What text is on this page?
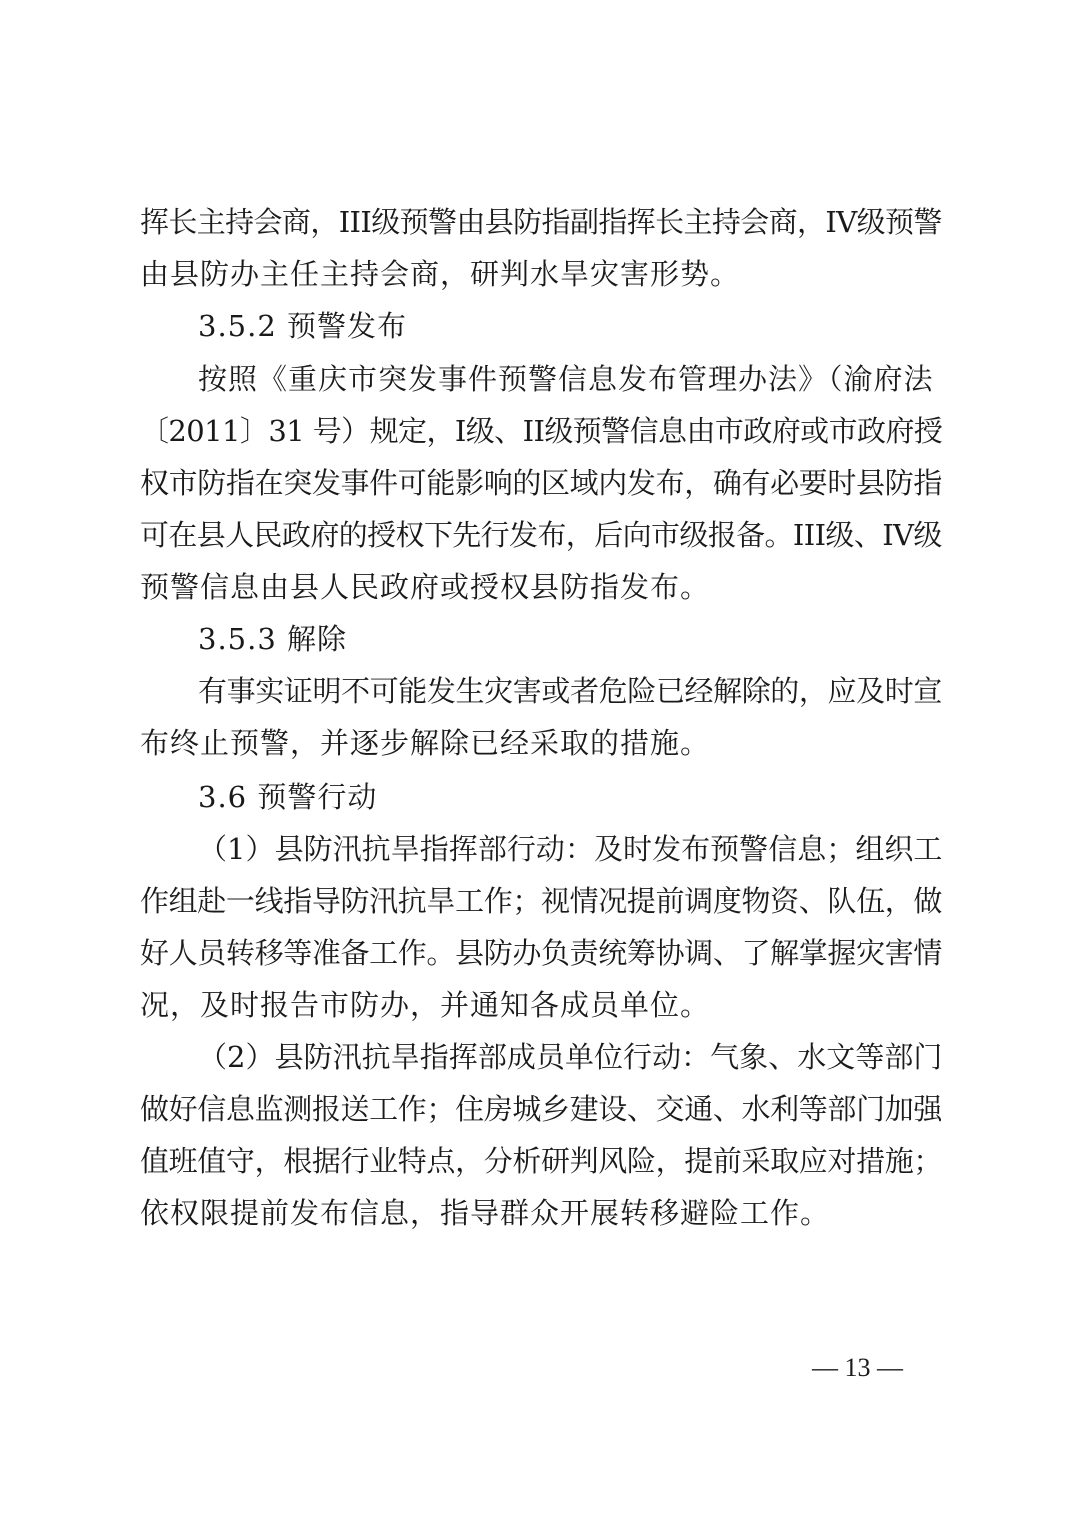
挥长主持会商，III级预警由县防指副指挥长主持会商，IV级预警
由县防办主任主持会商，研判水旱灾害形势。
3.5.2 预警发布
按照《重庆市突发事件预警信息发布管理办法》（渝府法
〔2011〕31 号）规定，I级、II级预警信息由市政府或市政府授
权市防指在突发事件可能影响的区域内发布，确有必要时县防指
可在县人民政府的授权下先行发布，后向市级报备。III级、IV级
预警信息由县人民政府或授权县防指发布。
3.5.3 解除
有事实证明不可能发生灾害或者危险已经解除的，应及时宣
布终止预警，并逐步解除已经采取的措施。
3.6 预警行动
（1）县防汛抗旱指挥部行动：及时发布预警信息；组织工
作组赴一线指导防汛抗旱工作；视情况提前调度物资、队伍，做
好人员转移等准备工作。县防办负责统筹协调、了解掌握灾害情
况，及时报告市防办，并通知各成员单位。
（2）县防汛抗旱指挥部成员单位行动：气象、水文等部门
做好信息监测报送工作；住房城乡建设、交通、水利等部门加强
值班值守，根据行业特点，分析研判风险，提前采取应对措施；
依权限提前发布信息，指导群众开展转移避险工作。
— 13 —
